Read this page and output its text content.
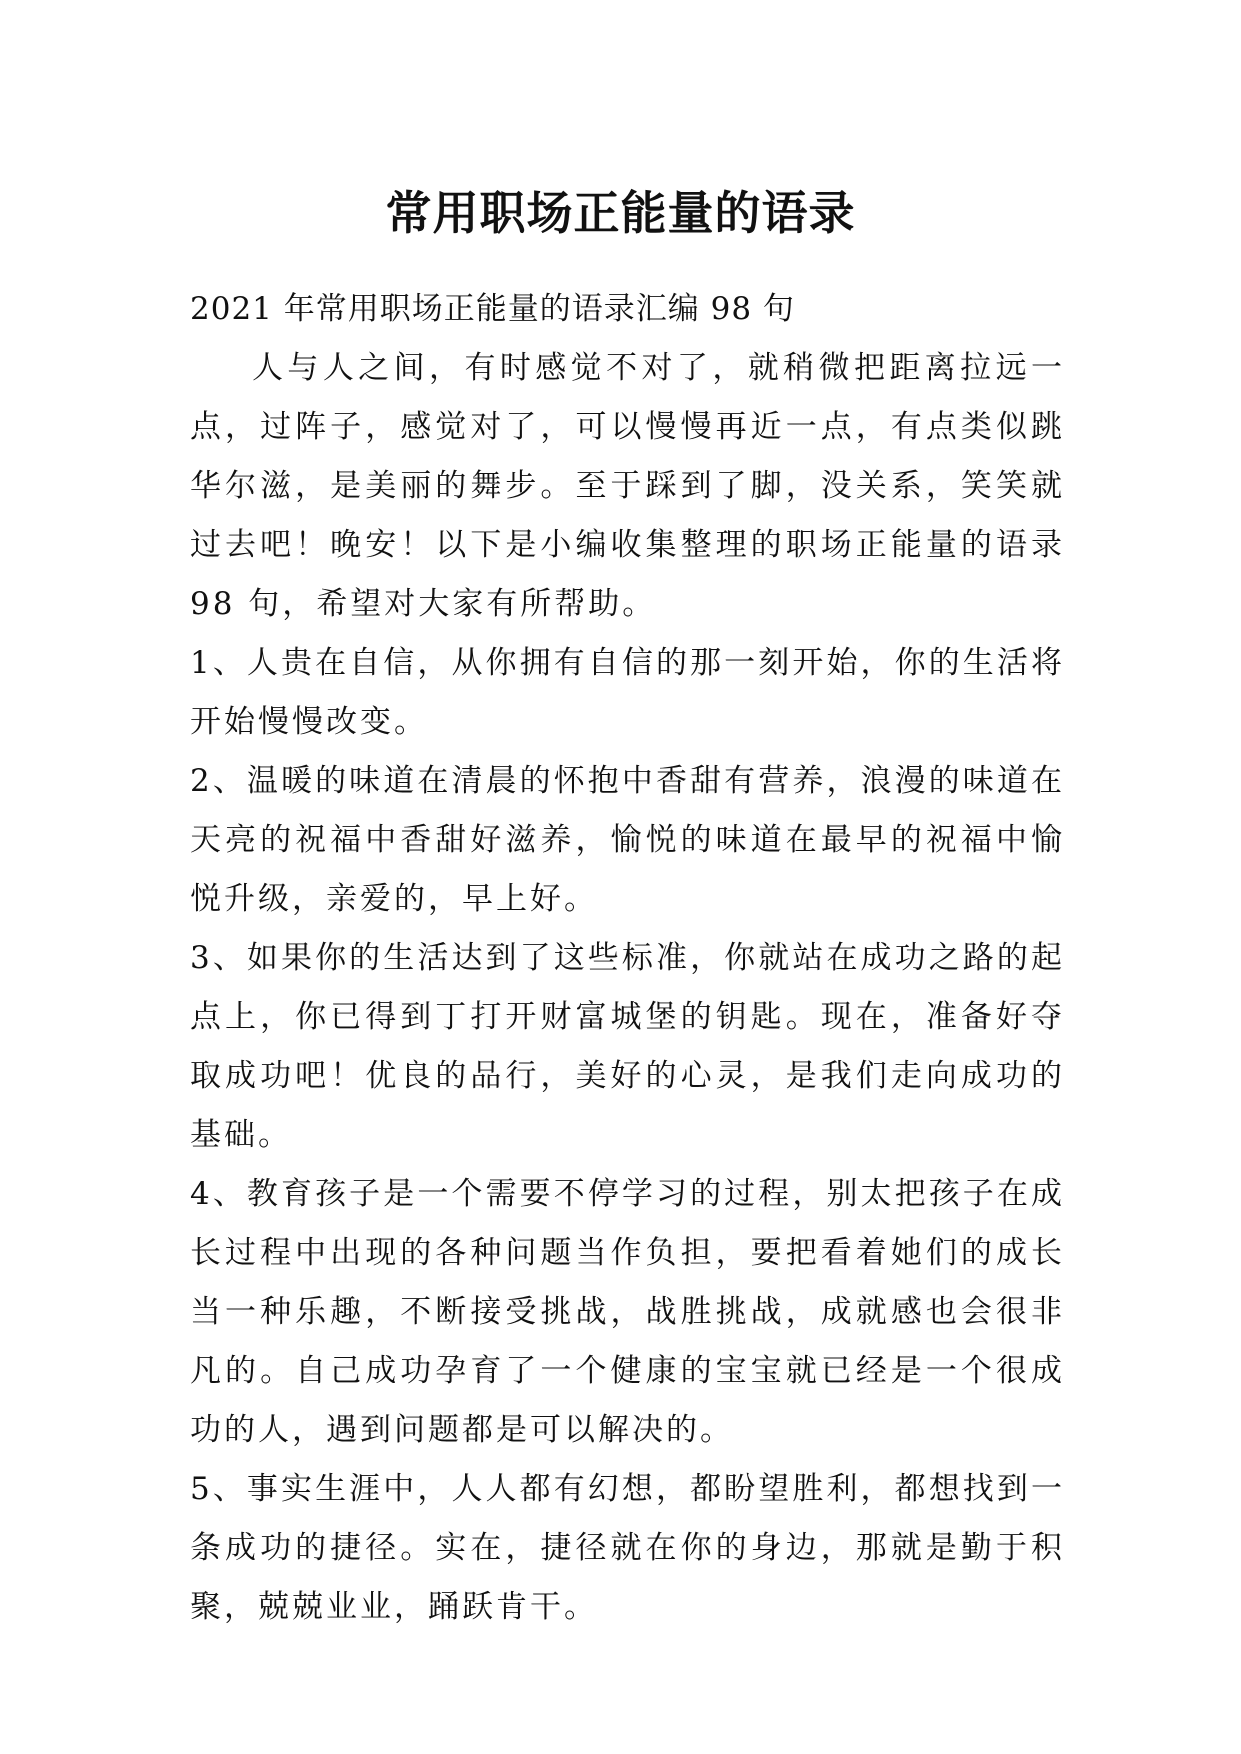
常用职场正能量的语录

2021 年常用职场正能量的语录汇编 98 句

人与人之间，有时感觉不对了，就稍微把距离拉远一点，过阵子，感觉对了，可以慢慢再近一点，有点类似跳华尔滋，是美丽的舞步。至于踩到了脚，没关系，笑笑就过去吧！晚安！以下是小编收集整理的职场正能量的语录 98 句，希望对大家有所帮助。

1、人贵在自信，从你拥有自信的那一刻开始，你的生活将开始慢慢改变。

2、温暖的味道在清晨的怀抱中香甜有营养，浪漫的味道在天亮的祝福中香甜好滋养，愉悦的味道在最早的祝福中愉悦升级，亲爱的，早上好。

3、如果你的生活达到了这些标准，你就站在成功之路的起点上，你已得到丁打开财富城堡的钥匙。现在，准备好夺取成功吧！优良的品行，美好的心灵，是我们走向成功的基础。

4、教育孩子是一个需要不停学习的过程，别太把孩子在成长过程中出现的各种问题当作负担，要把看着她们的成长当一种乐趣，不断接受挑战，战胜挑战，成就感也会很非凡的。自己成功孕育了一个健康的宝宝就已经是一个很成功的人，遇到问题都是可以解决的。

5、事实生涯中，人人都有幻想，都盼望胜利，都想找到一条成功的捷径。实在，捷径就在你的身边，那就是勤于积聚，兢兢业业，踊跃肯干。
